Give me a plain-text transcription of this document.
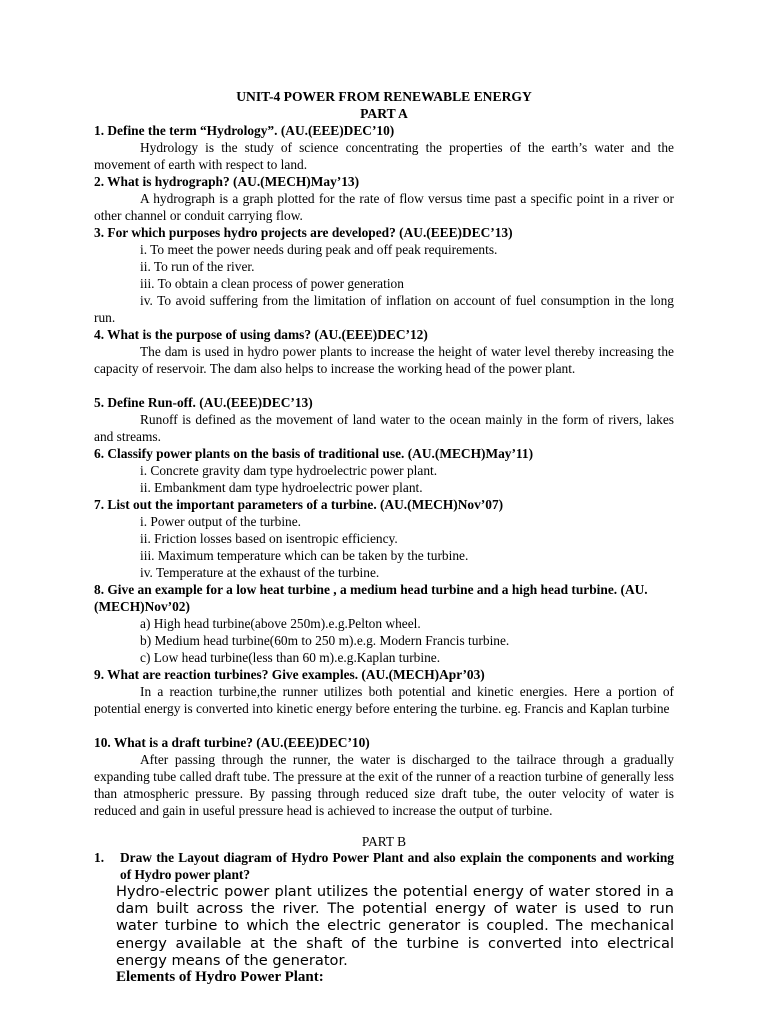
UNIT-4 POWER FROM RENEWABLE ENERGY
PART A
1. Define the term “Hydrology”. (AU.(EEE)DEC’10)
Hydrology is the study of science concentrating the properties of the earth’s water and the movement of earth with respect to land.
2. What is hydrograph? (AU.(MECH)May’13)
A hydrograph is a graph plotted for the rate of flow versus time past a specific point in a river or other channel or conduit carrying flow.
3. For which purposes hydro projects are developed? (AU.(EEE)DEC’13)
i. To meet the power needs during peak and off peak requirements.
ii. To run of the river.
iii. To obtain a clean process of power generation
iv. To avoid suffering from the limitation of inflation on account of fuel consumption in the long run.
4. What is the purpose of using dams? (AU.(EEE)DEC’12)
The dam is used in hydro power plants to increase the height of water level thereby increasing the capacity of reservoir. The dam also helps to increase the working head of the power plant.
5. Define Run-off. (AU.(EEE)DEC’13)
Runoff is defined as the movement of land water to the ocean mainly in the form of rivers, lakes and streams.
6. Classify power plants on the basis of traditional use. (AU.(MECH)May’11)
i. Concrete gravity dam type hydroelectric power plant.
ii. Embankment dam type hydroelectric power plant.
7. List out the important parameters of a turbine. (AU.(MECH)Nov’07)
i. Power output of the turbine.
ii. Friction losses based on isentropic efficiency.
iii. Maximum temperature which can be taken by the turbine.
iv. Temperature at the exhaust of the turbine.
8. Give an example for a low heat turbine , a medium head turbine and a high head turbine. (AU.(MECH)Nov’02)
a) High head turbine(above 250m).e.g.Pelton wheel.
b) Medium head turbine(60m to 250 m).e.g. Modern Francis turbine.
c) Low head turbine(less than 60 m).e.g.Kaplan turbine.
9. What are reaction turbines? Give examples. (AU.(MECH)Apr’03)
In a reaction turbine,the runner utilizes both potential and kinetic energies. Here a portion of potential energy is converted into kinetic energy before entering the turbine. eg. Francis and Kaplan turbine
10. What is a draft turbine? (AU.(EEE)DEC’10)
After passing through the runner, the water is discharged to the tailrace through a gradually expanding tube called draft tube. The pressure at the exit of the runner of a reaction turbine of generally less than atmospheric pressure. By passing through reduced size draft tube, the outer velocity of water is reduced and gain in useful pressure head is achieved to increase the output of turbine.
PART B
1.	Draw the Layout diagram of Hydro Power Plant and also explain the components and working of Hydro power plant?
Hydro-electric power plant utilizes the potential energy of water stored in a dam built across the river. The potential energy of water is used to run water turbine to which the electric generator is coupled. The mechanical energy available at the shaft of the turbine is converted into electrical energy means of the generator.
Elements of Hydro Power Plant:
